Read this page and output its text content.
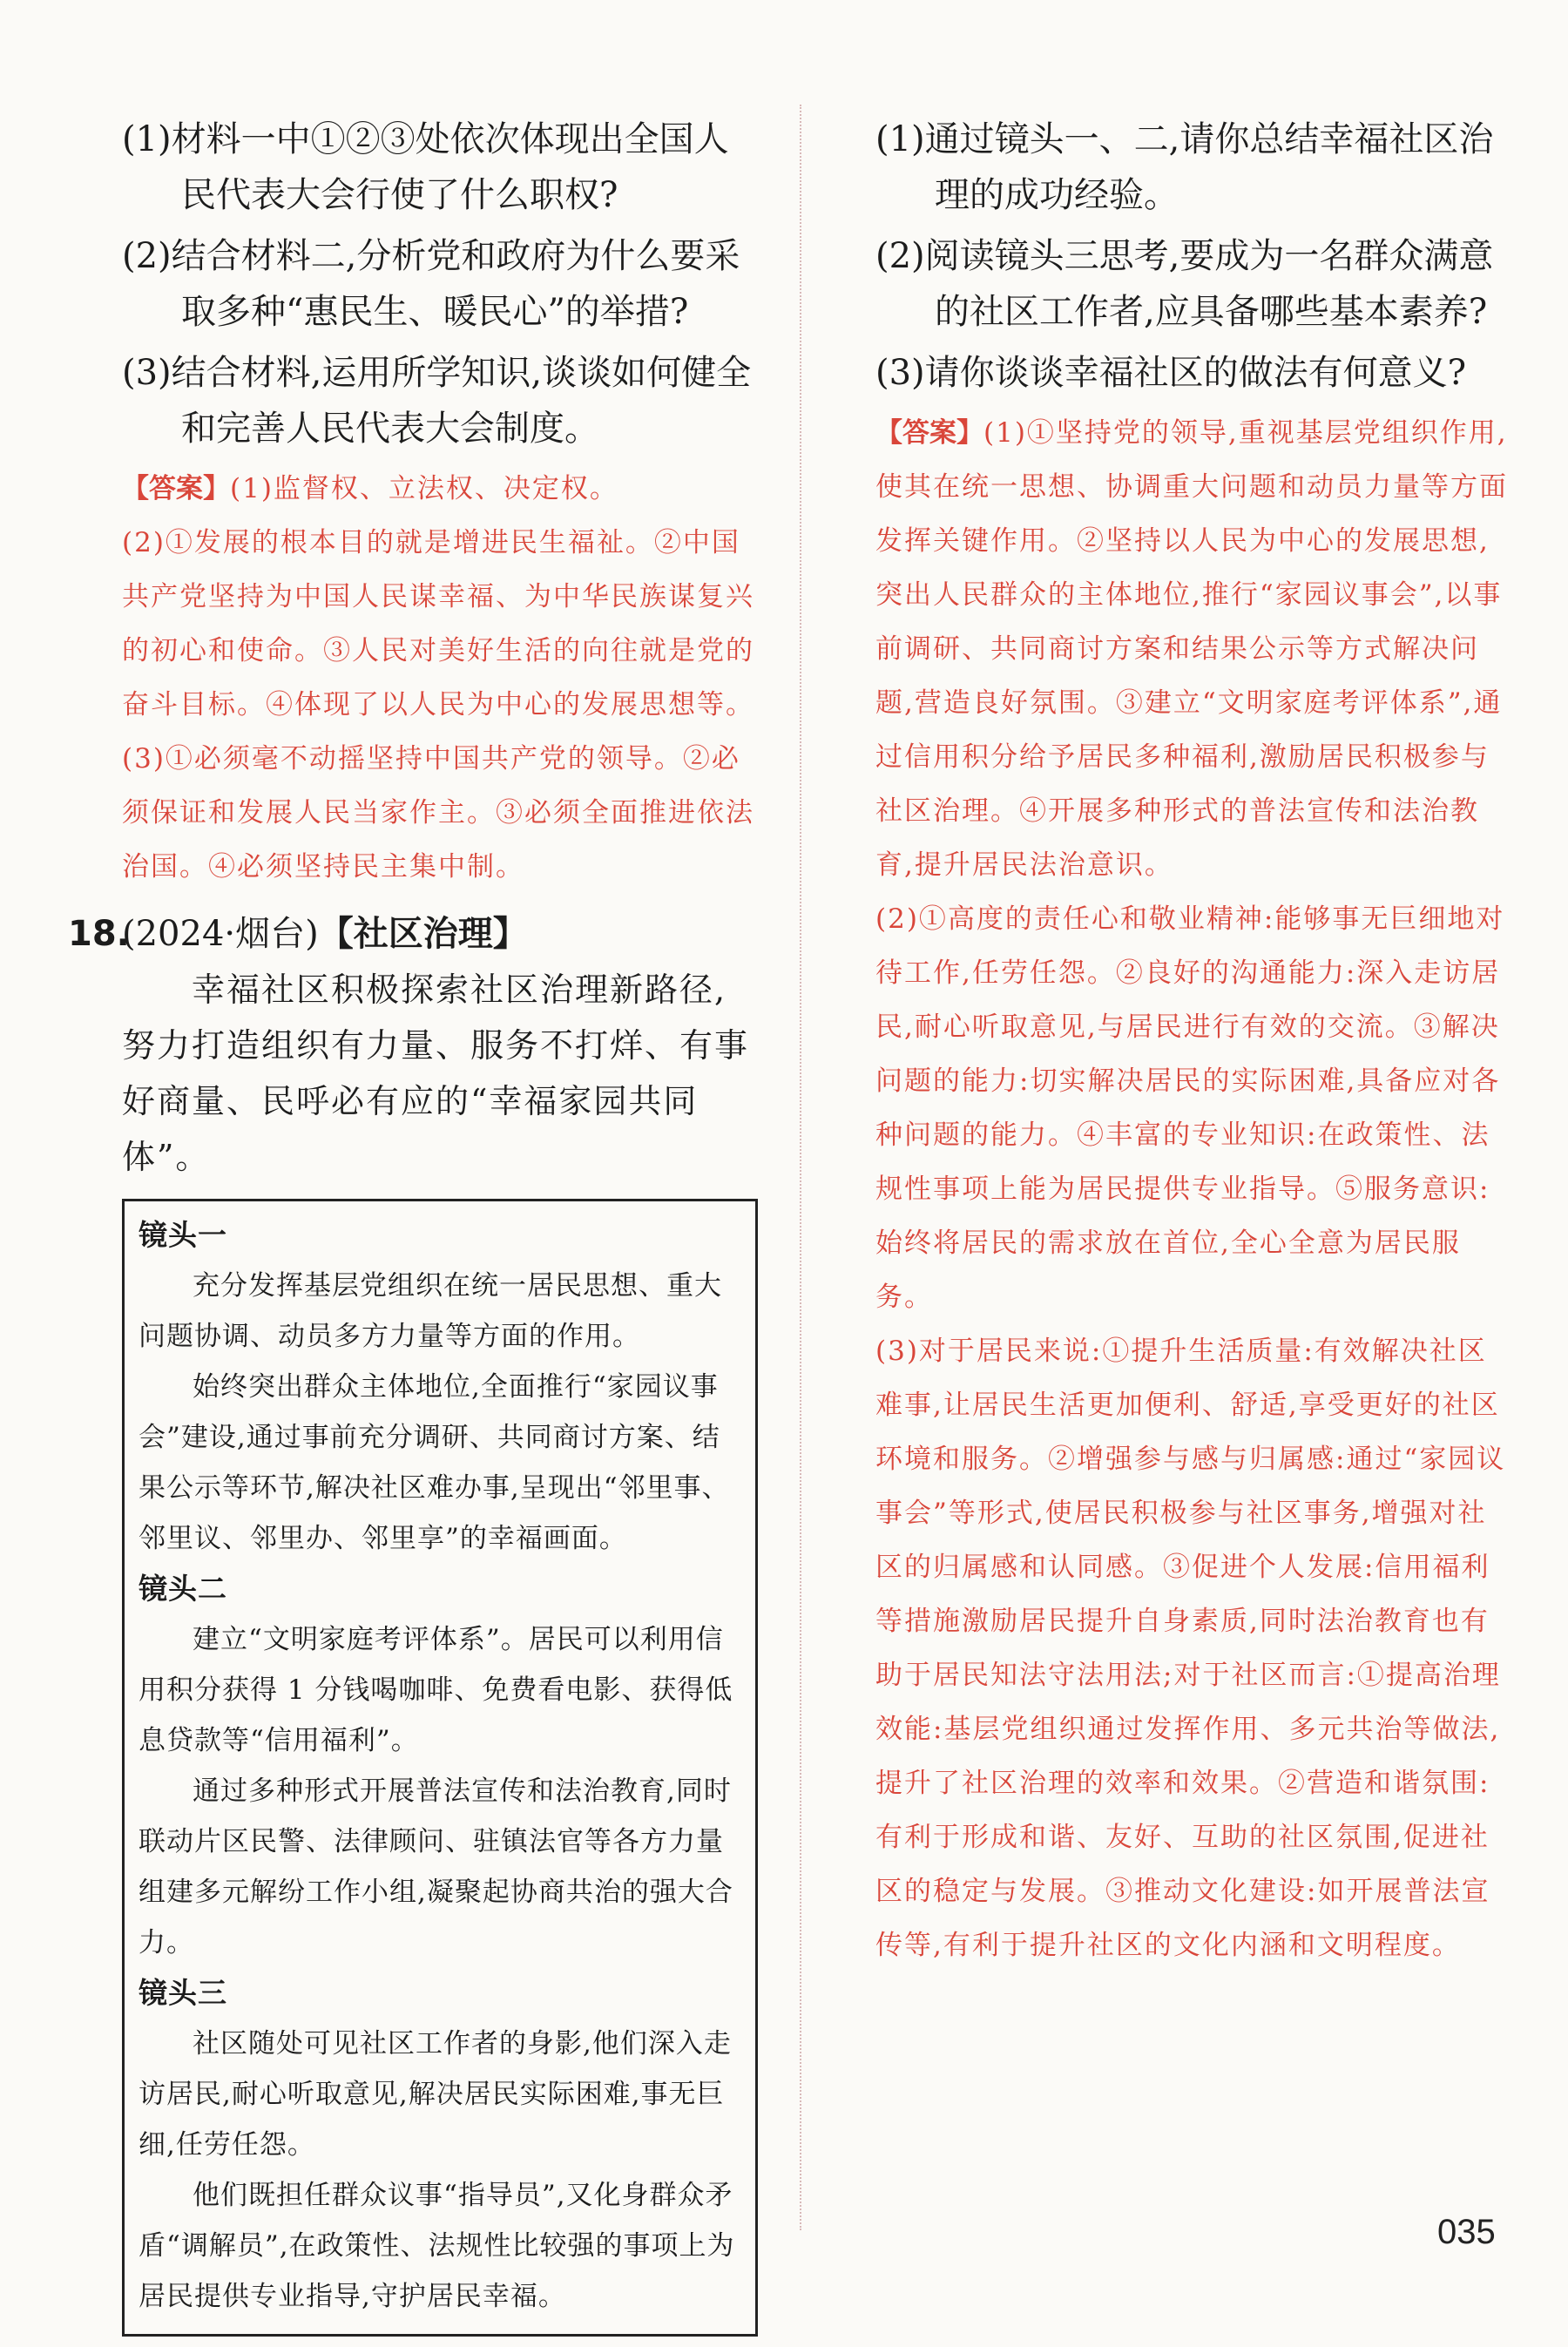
(1)材料一中①②③处依次体现出全国人民代表大会行使了什么职权?
(2)结合材料二,分析党和政府为什么要采取多种“惠民生、暖民心”的举措?
(3)结合材料,运用所学知识,谈谈如何健全和完善人民代表大会制度。

【答案】(1)监督权、立法权、决定权。

(2)①发展的根本目的就是增进民生福祉。②中国共产党坚持为中国人民谋幸福、为中华民族谋复兴的初心和使命。③人民对美好生活的向往就是党的奋斗目标。④体现了以人民为中心的发展思想等。

(3)①必须毫不动摇坚持中国共产党的领导。②必须保证和发展人民当家作主。③必须全面推进依法治国。④必须坚持民主集中制。

18.(2024·烟台)【社区治理】

幸福社区积极探索社区治理新路径,努力打造组织有力量、服务不打烊、有事好商量、民呼必有应的“幸福家园共同体”。

镜头一

充分发挥基层党组织在统一居民思想、重大问题协调、动员多方力量等方面的作用。

始终突出群众主体地位,全面推行“家园议事会”建设,通过事前充分调研、共同商讨方案、结果公示等环节,解决社区难办事,呈现出“邻里事、邻里议、邻里办、邻里享”的幸福画面。

镜头二

建立“文明家庭考评体系”。居民可以利用信用积分获得 1 分钱喝咖啡、免费看电影、获得低息贷款等“信用福利”。

通过多种形式开展普法宣传和法治教育,同时联动片区民警、法律顾问、驻镇法官等各方力量组建多元解纷工作小组,凝聚起协商共治的强大合力。

镜头三

社区随处可见社区工作者的身影,他们深入走访居民,耐心听取意见,解决居民实际困难,事无巨细,任劳任怨。

他们既担任群众议事“指导员”,又化身群众矛盾“调解员”,在政策性、法规性比较强的事项上为居民提供专业指导,守护居民幸福。

(1)通过镜头一、二,请你总结幸福社区治理的成功经验。
(2)阅读镜头三思考,要成为一名群众满意的社区工作者,应具备哪些基本素养?
(3)请你谈谈幸福社区的做法有何意义?

【答案】(1)①坚持党的领导,重视基层党组织作用,使其在统一思想、协调重大问题和动员力量等方面发挥关键作用。②坚持以人民为中心的发展思想,突出人民群众的主体地位,推行“家园议事会”,以事前调研、共同商讨方案和结果公示等方式解决问题,营造良好氛围。③建立“文明家庭考评体系”,通过信用积分给予居民多种福利,激励居民积极参与社区治理。④开展多种形式的普法宣传和法治教育,提升居民法治意识。

(2)①高度的责任心和敬业精神:能够事无巨细地对待工作,任劳任怨。②良好的沟通能力:深入走访居民,耐心听取意见,与居民进行有效的交流。③解决问题的能力:切实解决居民的实际困难,具备应对各种问题的能力。④丰富的专业知识:在政策性、法规性事项上能为居民提供专业指导。⑤服务意识:始终将居民的需求放在首位,全心全意为居民服务。

(3)对于居民来说:①提升生活质量:有效解决社区难事,让居民生活更加便利、舒适,享受更好的社区环境和服务。②增强参与感与归属感:通过“家园议事会”等形式,使居民积极参与社区事务,增强对社区的归属感和认同感。③促进个人发展:信用福利等措施激励居民提升自身素质,同时法治教育也有助于居民知法守法用法;对于社区而言:①提高治理效能:基层党组织通过发挥作用、多元共治等做法,提升了社区治理的效率和效果。②营造和谐氛围:有利于形成和谐、友好、互助的社区氛围,促进社区的稳定与发展。③推动文化建设:如开展普法宣传等,有利于提升社区的文化内涵和文明程度。

035
